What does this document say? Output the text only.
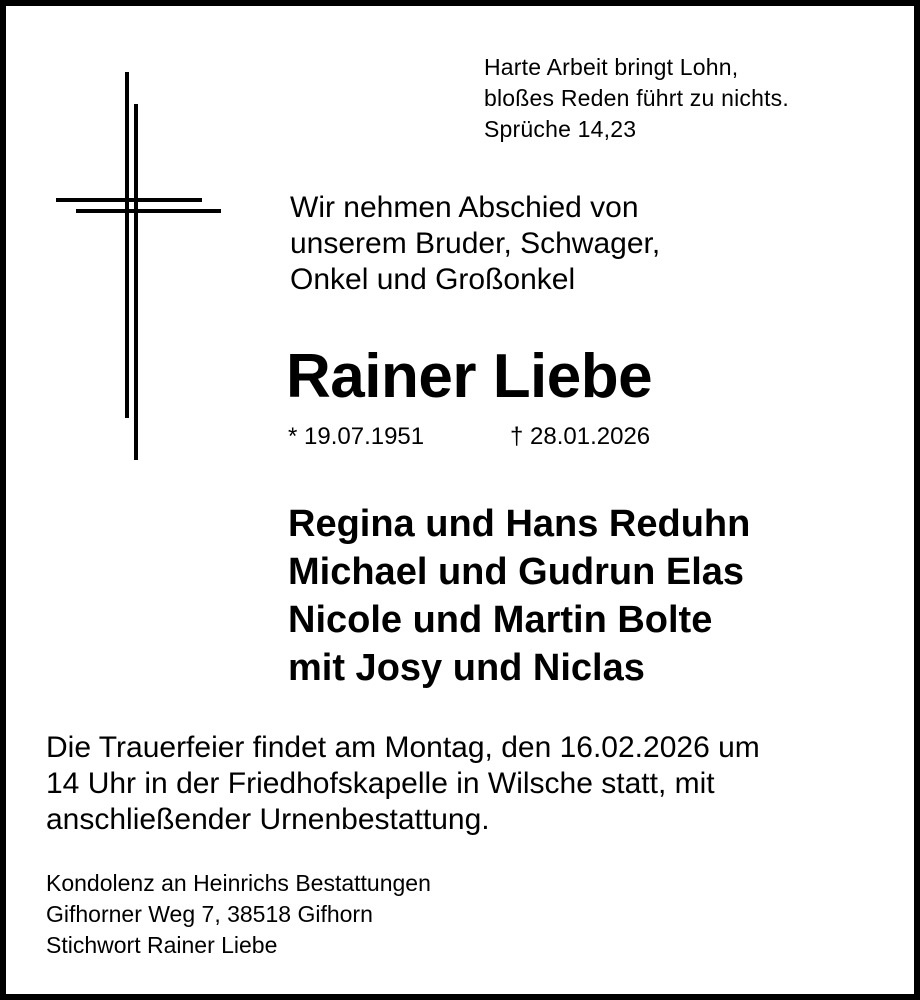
Harte Arbeit bringt Lohn,
bloßes Reden führt zu nichts.
Sprüche 14,23
Wir nehmen Abschied von
unserem Bruder, Schwager,
Onkel und Großonkel
Rainer Liebe
* 19.07.1951	† 28.01.2026
Regina und Hans Reduhn
Michael und Gudrun Elas
Nicole und Martin Bolte
mit Josy und Niclas
Die Trauerfeier findet am Montag, den 16.02.2026 um
14 Uhr in der Friedhofskapelle in Wilsche statt, mit
anschließender Urnenbestattung.
Kondolenz an Heinrichs Bestattungen
Gifhorner Weg 7, 38518 Gifhorn
Stichwort Rainer Liebe
